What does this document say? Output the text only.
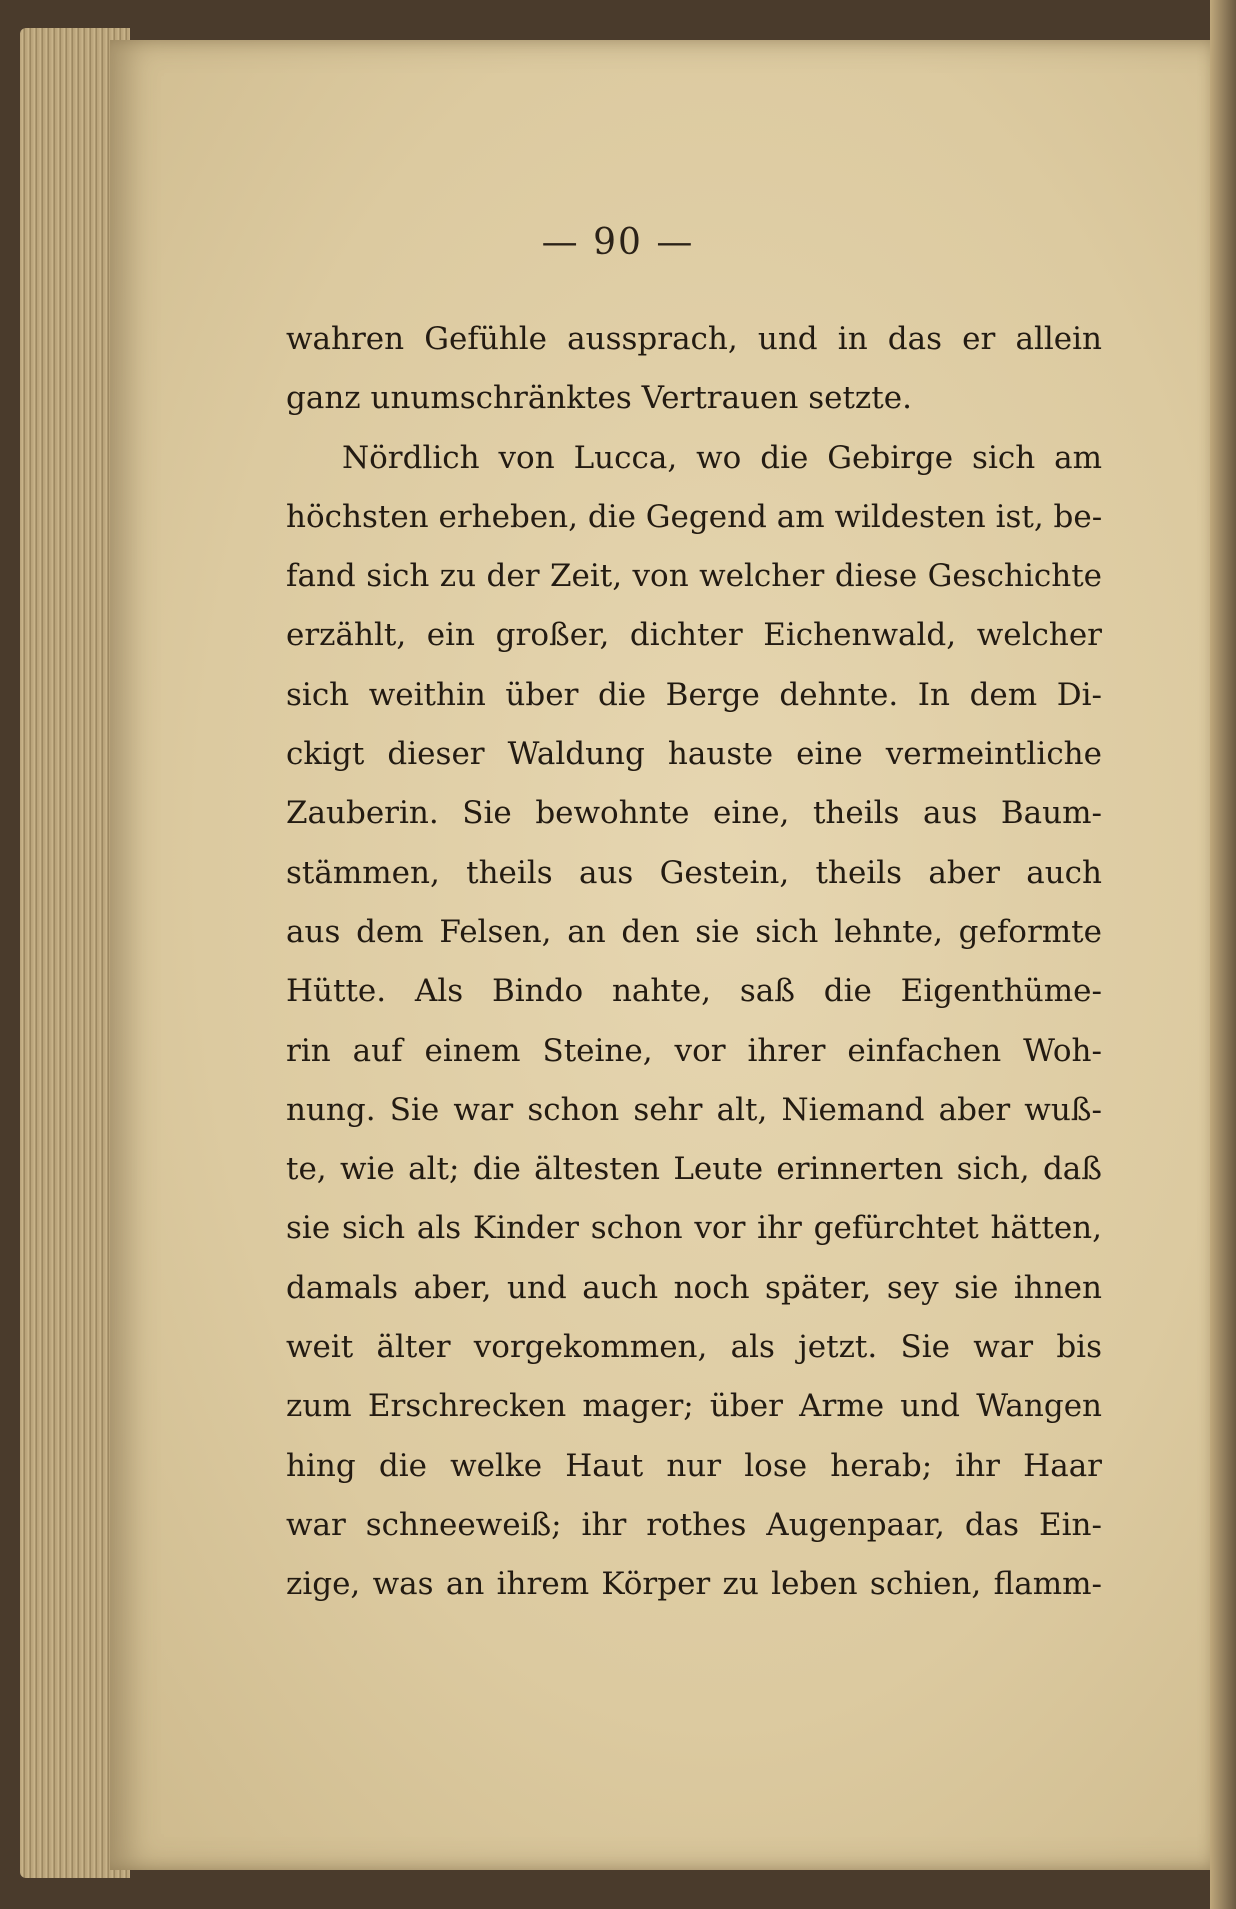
— 90 —
wahren Gefühle aussprach, und in das er allein
ganz unumschränktes Vertrauen setzte.
Nördlich von Lucca, wo die Gebirge sich am
höchsten erheben, die Gegend am wildesten ist, be-
fand sich zu der Zeit, von welcher diese Geschichte
erzählt, ein großer, dichter Eichenwald, welcher
sich weithin über die Berge dehnte. In dem Di-
ckigt dieser Waldung hauste eine vermeintliche
Zauberin. Sie bewohnte eine, theils aus Baum-
stämmen, theils aus Gestein, theils aber auch
aus dem Felsen, an den sie sich lehnte, geformte
Hütte. Als Bindo nahte, saß die Eigenthüme-
rin auf einem Steine, vor ihrer einfachen Woh-
nung. Sie war schon sehr alt, Niemand aber wuß-
te, wie alt; die ältesten Leute erinnerten sich, daß
sie sich als Kinder schon vor ihr gefürchtet hätten,
damals aber, und auch noch später, sey sie ihnen
weit älter vorgekommen, als jetzt. Sie war bis
zum Erschrecken mager; über Arme und Wangen
hing die welke Haut nur lose herab; ihr Haar
war schneeweiß; ihr rothes Augenpaar, das Ein-
zige, was an ihrem Körper zu leben schien, flamm-
